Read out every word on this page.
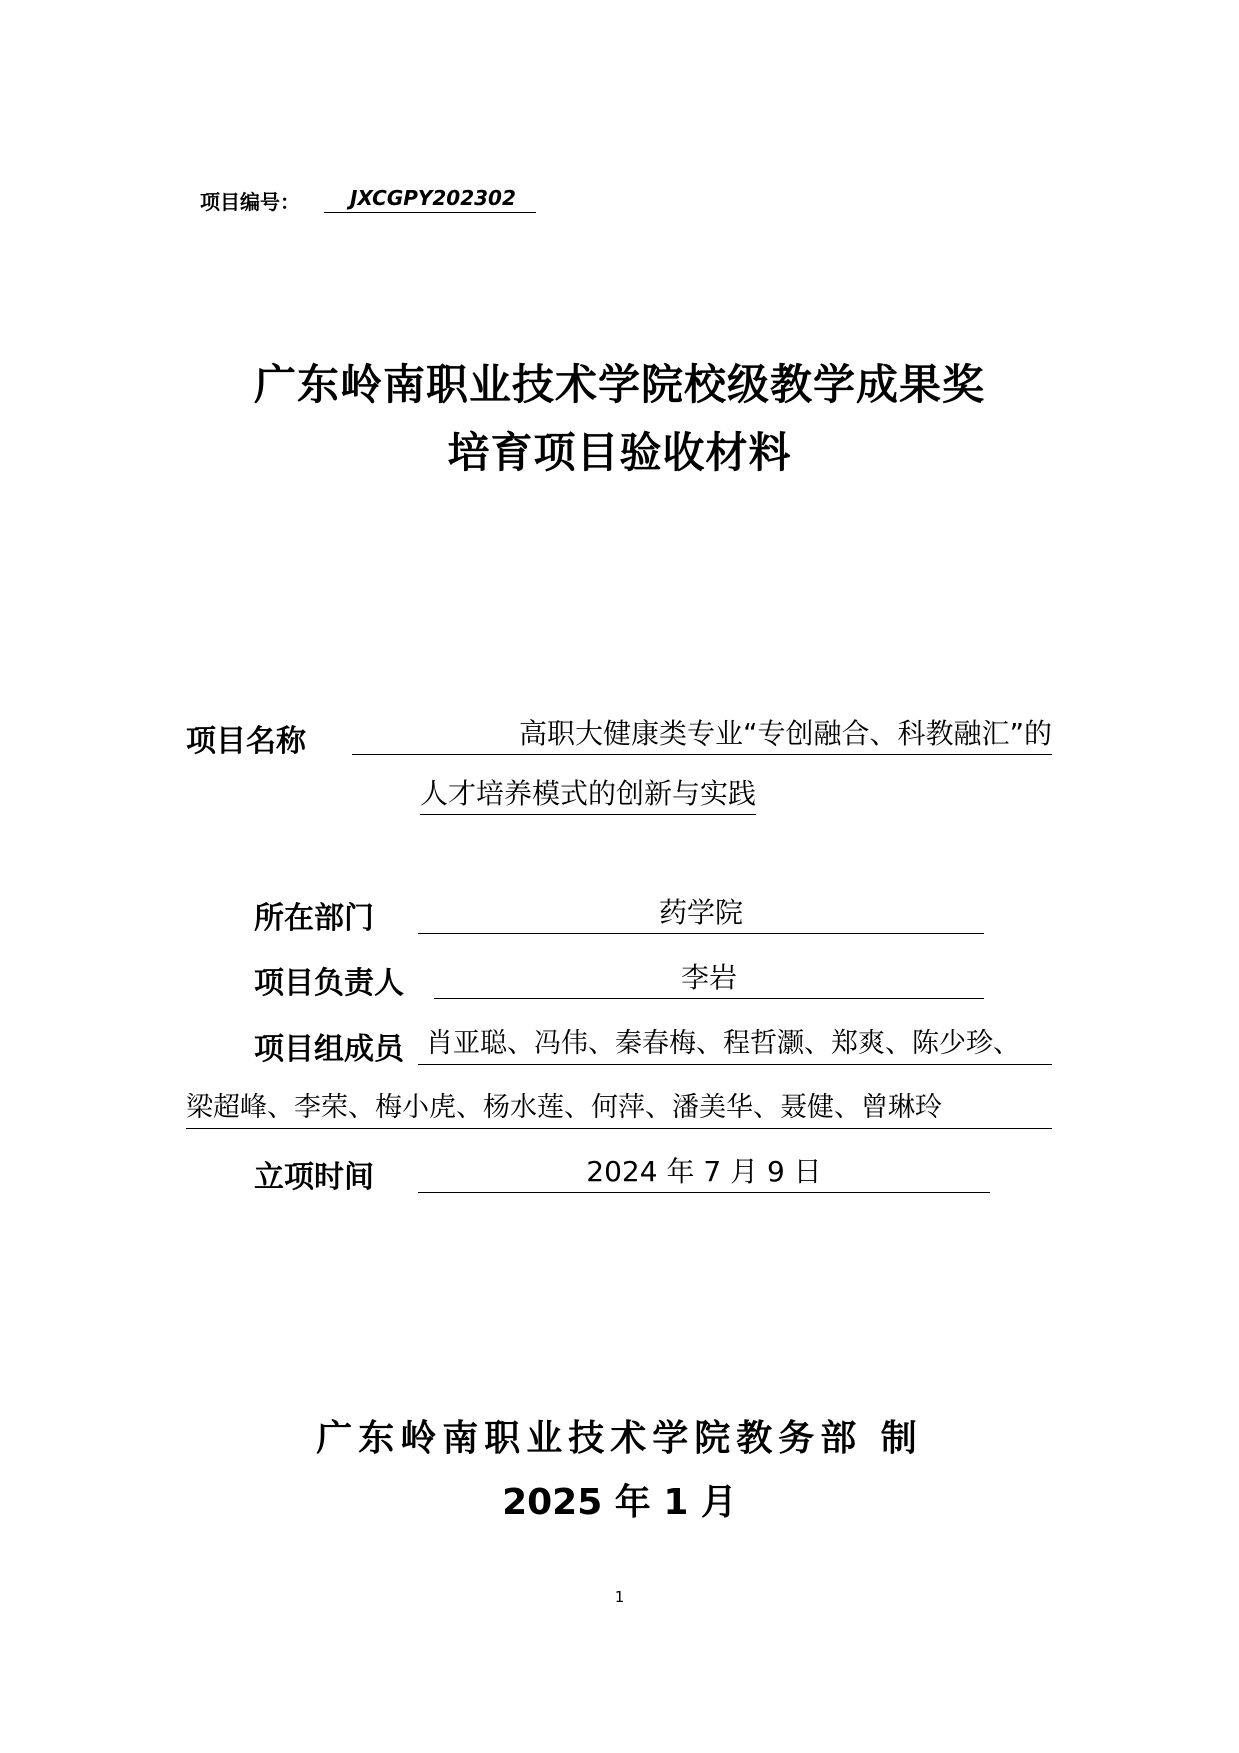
项目编号：	JXCGPY202302
广东岭南职业技术学院校级教学成果奖
培育项目验收材料
项目名称	高职大健康类专业“专创融合、科教融汇”的
人才培养模式的创新与实践
所在部门	药学院
项目负责人	李岩
项目组成员 肖亚聪、冯伟、秦春梅、程哲灏、郑爽、陈少珍、
梁超峰、李荣、梅小虎、杨水莲、何萍、潘美华、聂健、曾琳玲
立项时间	2024 年 7 月 9 日
广东岭南职业技术学院教务部 制
2025 年 1 月
1
